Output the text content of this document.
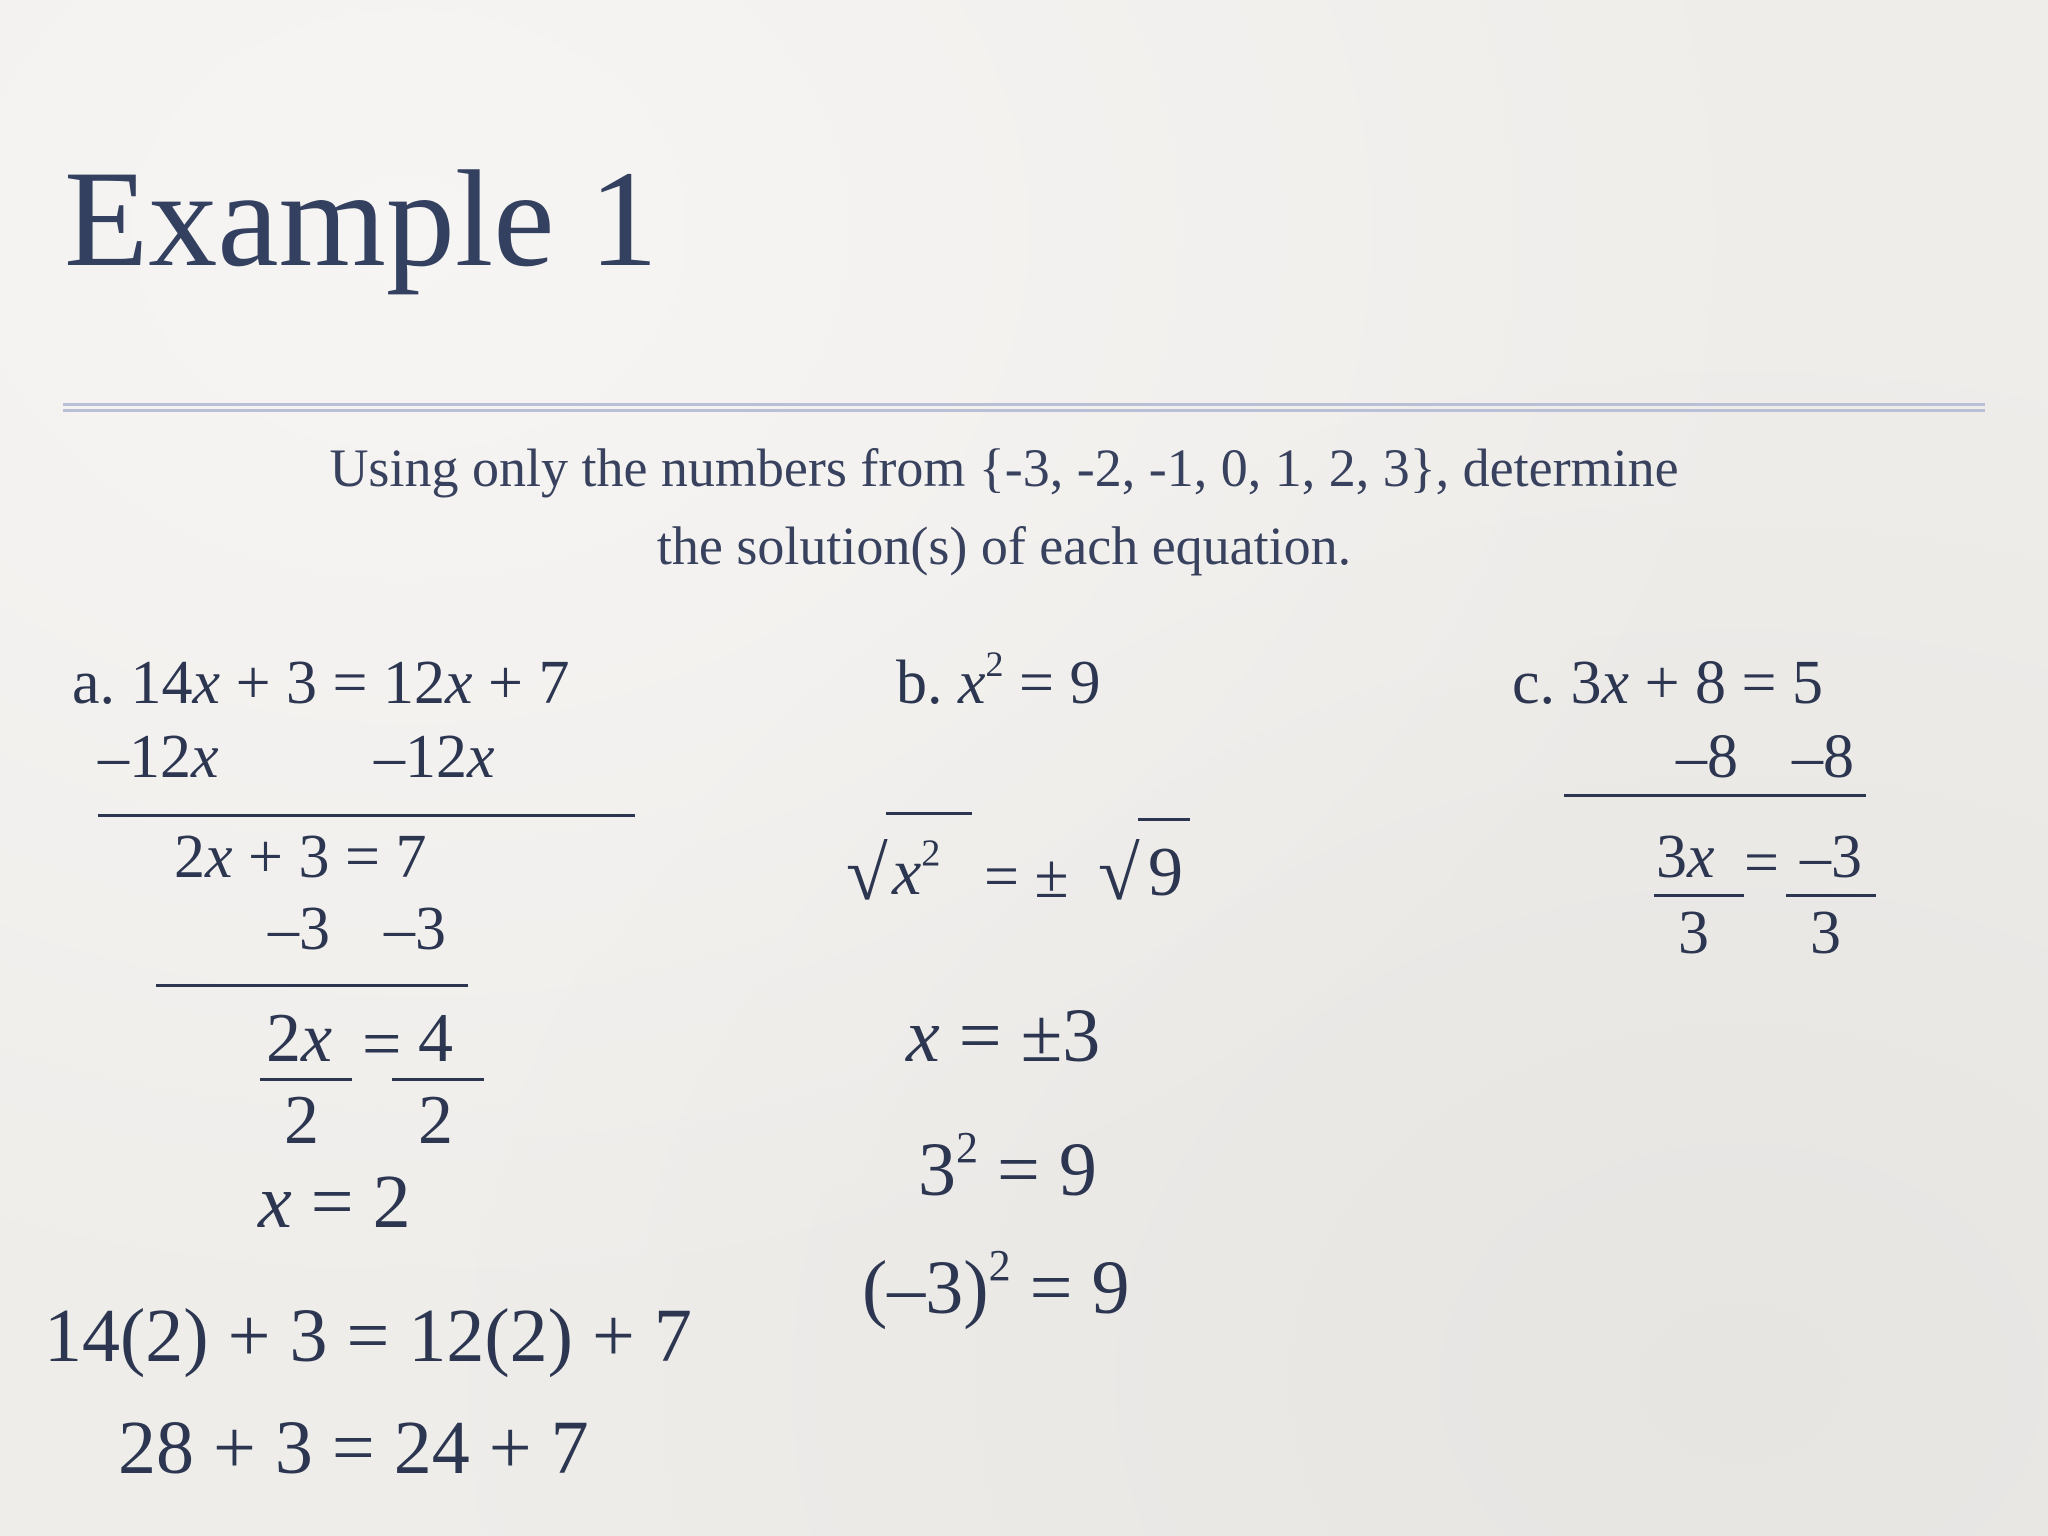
Example 1
Using only the numbers from {-3, -2, -1, 0, 1, 2, 3}, determine
the solution(s) of each equation.
a. 14x + 3 = 12x + 7
–12x	–12x
2x + 3 = 7
–3 –3
2x = 4
2 2
x = 2
14(2) + 3 = 12(2) + 7
28 + 3 = 24 + 7
b. $x^2 = 9$
√ $x^2$ = ± √ 9
x = ±3
$3^2 = 9$
$(-3)^2 = 9$
c. 3x + 8 = 5
–8 –8
3x = –3
3 3
